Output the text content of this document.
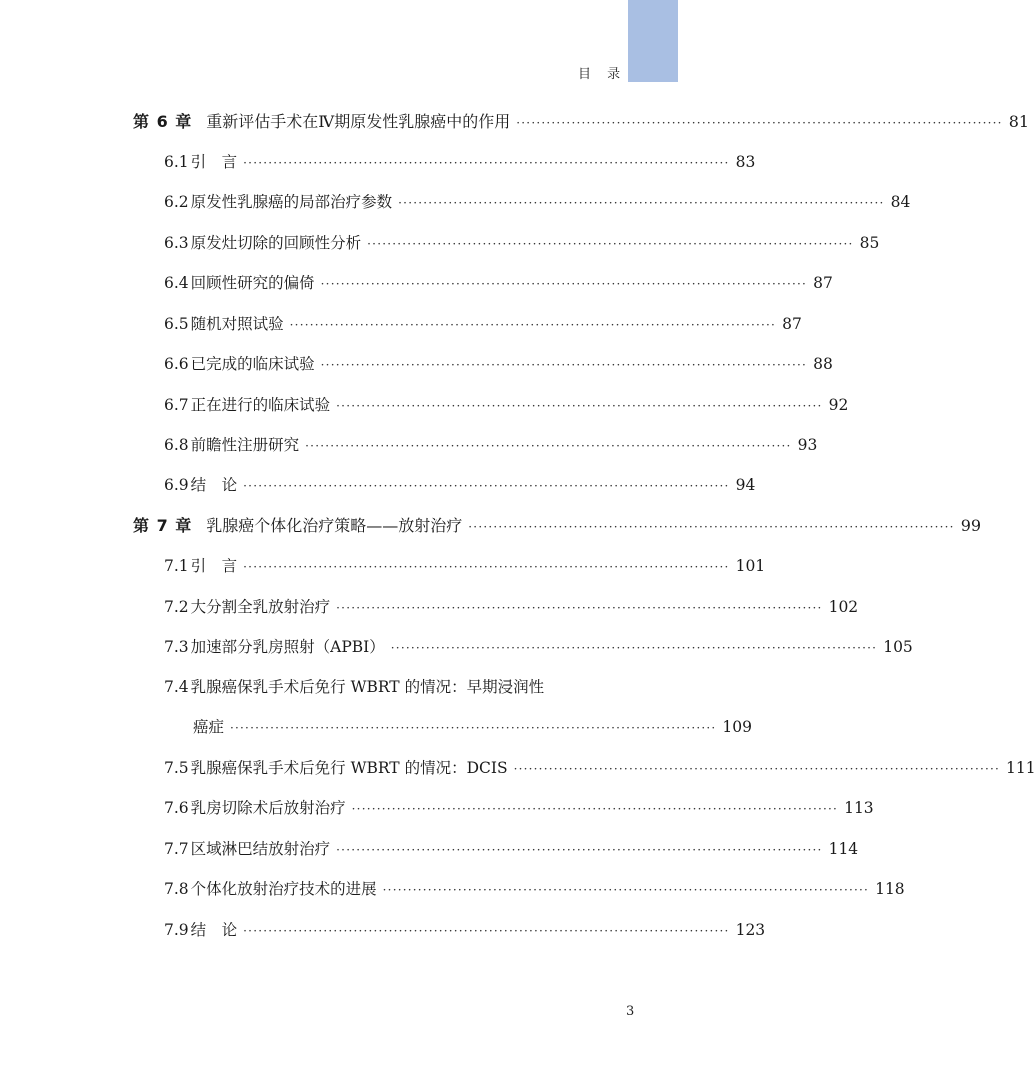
目 录
第 6 章 重新评估手术在Ⅳ期原发性乳腺癌中的作用 ································································································· 81
6.1 引　言 ································································································· 83
6.2 原发性乳腺癌的局部治疗参数 ································································································· 84
6.3 原发灶切除的回顾性分析 ································································································· 85
6.4 回顾性研究的偏倚 ································································································· 87
6.5 随机对照试验 ································································································· 87
6.6 已完成的临床试验 ································································································· 88
6.7 正在进行的临床试验 ································································································· 92
6.8 前瞻性注册研究 ································································································· 93
6.9 结　论 ································································································· 94
第 7 章 乳腺癌个体化治疗策略——放射治疗 ································································································· 99
7.1 引　言 ································································································· 101
7.2 大分割全乳放射治疗 ································································································· 102
7.3 加速部分乳房照射（APBI） ································································································· 105
7.4 乳腺癌保乳手术后免行 WBRT 的情况：早期浸润性
癌症 ································································································· 109
7.5 乳腺癌保乳手术后免行 WBRT 的情况：DCIS ································································································· 111
7.6 乳房切除术后放射治疗 ································································································· 113
7.7 区域淋巴结放射治疗 ································································································· 114
7.8 个体化放射治疗技术的进展 ································································································· 118
7.9 结　论 ································································································· 123
3
